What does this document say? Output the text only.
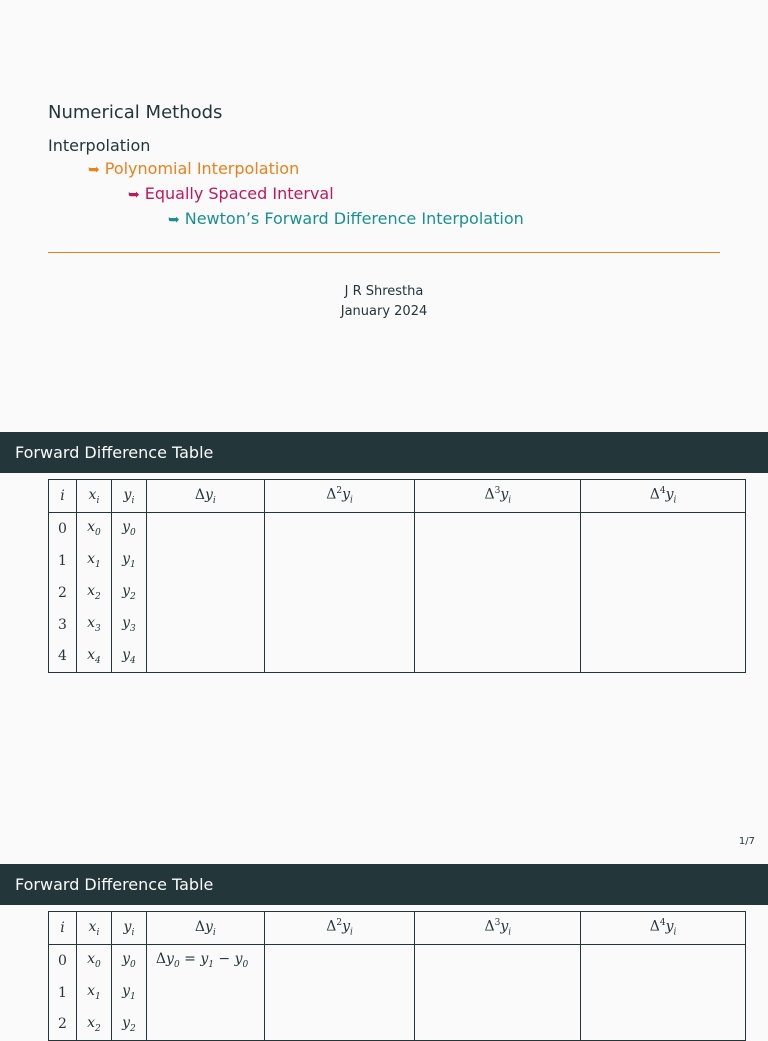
Numerical Methods
Interpolation
➥ Polynomial Interpolation
➥ Equally Spaced Interval
➥ Newton’s Forward Difference Interpolation
J R Shrestha
January 2024
Forward Difference Table
i	$x_i$	$y_i$	$\Delta y_i$	$\Delta^2y_i$	$\Delta^3y_i$	$\Delta^4y_i$
0	$x_0$	$y_0$				
1	$x_1$	$y_1$				
2	$x_2$	$y_2$				
3	$x_3$	$y_3$				
4	$x_4$	$y_4$				
1/7
Forward Difference Table
i	$x_i$	$y_i$	$\Delta y_i$	$\Delta^2y_i$	$\Delta^3y_i$	$\Delta^4y_i$
0	$x_0$	$y_0$	$\Delta y_0 = y_1 - y_0$			
1	$x_1$	$y_1$				
2	$x_2$	$y_2$				
